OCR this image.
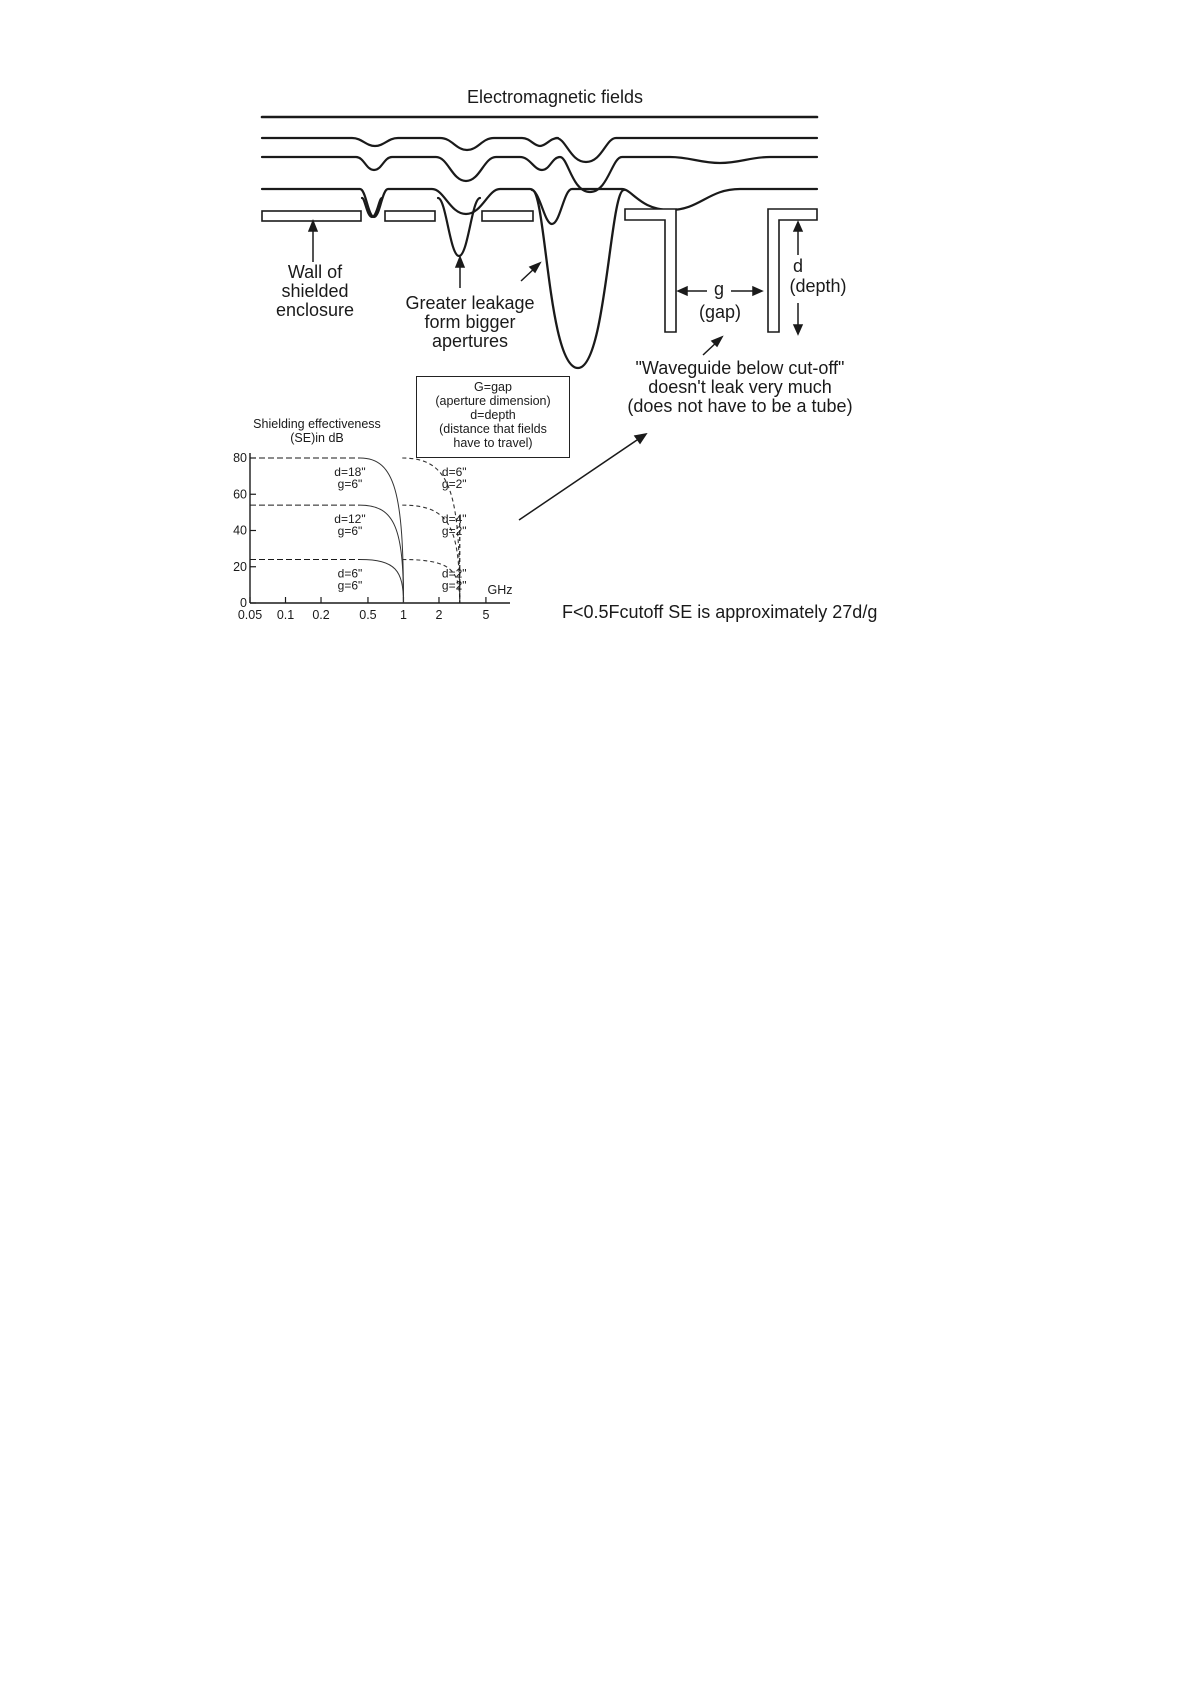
Electromagnetic fields
Wall of
shielded
enclosure	Greater leakage
form bigger
apertures
g
(gap)
d
(depth)
"Waveguide below cut-off"
doesn't leak very much
(does not have to be a tube)
G=gap
(aperture dimension)
d=depth
(distance that fields
have to travel)
Shielding effectiveness
(SE)in dB
0
20
40
60
80
0.05 0.1 0.2 0.5 1 2	5
GHz
d=18"
g=6"
d=12"
g=6"
d=6"
g=6"
d=6"
g=2"
d=4"
g=2"
d=2"
g=2"
F<0.5Fcutoff SE is approximately 27d/g
